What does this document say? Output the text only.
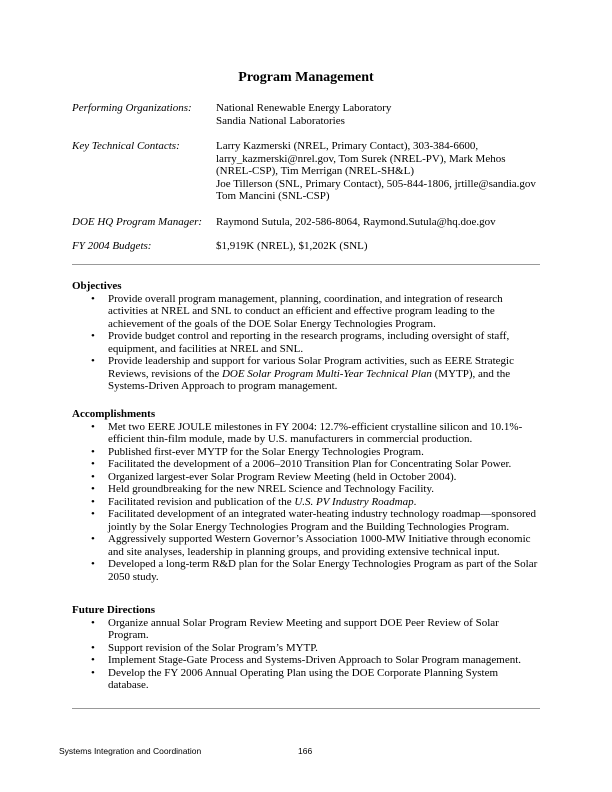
Program Management
Performing Organizations: National Renewable Energy Laboratory
Sandia National Laboratories
Key Technical Contacts:	Larry Kazmerski (NREL, Primary Contact), 303-384-6600,
larry_kazmerski@nrel.gov, Tom Surek (NREL-PV), Mark Mehos
(NREL-CSP), Tim Merrigan (NREL-SH&L)
Joe Tillerson (SNL, Primary Contact), 505-844-1806, jrtille@sandia.gov
Tom Mancini (SNL-CSP)
DOE HQ Program Manager: Raymond Sutula, 202-586-8064, Raymond.Sutula@hq.doe.gov
FY 2004 Budgets:	$1,919K (NREL), $1,202K (SNL)
Objectives
• Provide overall program management, planning, coordination, and integration of research activities at NREL and SNL to conduct an efficient and effective program leading to the achievement of the goals of the DOE Solar Energy Technologies Program.
• Provide budget control and reporting in the research programs, including oversight of staff, equipment, and facilities at NREL and SNL.
• Provide leadership and support for various Solar Program activities, such as EERE Strategic Reviews, revisions of the DOE Solar Program Multi-Year Technical Plan (MYTP), and the Systems-Driven Approach to program management.
Accomplishments
• Met two EERE JOULE milestones in FY 2004: 12.7%-efficient crystalline silicon and 10.1%-efficient thin-film module, made by U.S. manufacturers in commercial production.
• Published first-ever MYTP for the Solar Energy Technologies Program.
• Facilitated the development of a 2006–2010 Transition Plan for Concentrating Solar Power.
• Organized largest-ever Solar Program Review Meeting (held in October 2004).
• Held groundbreaking for the new NREL Science and Technology Facility.
• Facilitated revision and publication of the U.S. PV Industry Roadmap.
• Facilitated development of an integrated water-heating industry technology roadmap—sponsored jointly by the Solar Energy Technologies Program and the Building Technologies Program.
• Aggressively supported Western Governor’s Association 1000-MW Initiative through economic and site analyses, leadership in planning groups, and providing extensive technical input.
• Developed a long-term R&D plan for the Solar Energy Technologies Program as part of the Solar 2050 study.
Future Directions
• Organize annual Solar Program Review Meeting and support DOE Peer Review of Solar Program.
• Support revision of the Solar Program’s MYTP.
• Implement Stage-Gate Process and Systems-Driven Approach to Solar Program management.
• Develop the FY 2006 Annual Operating Plan using the DOE Corporate Planning System database.
Systems Integration and Coordination	166
